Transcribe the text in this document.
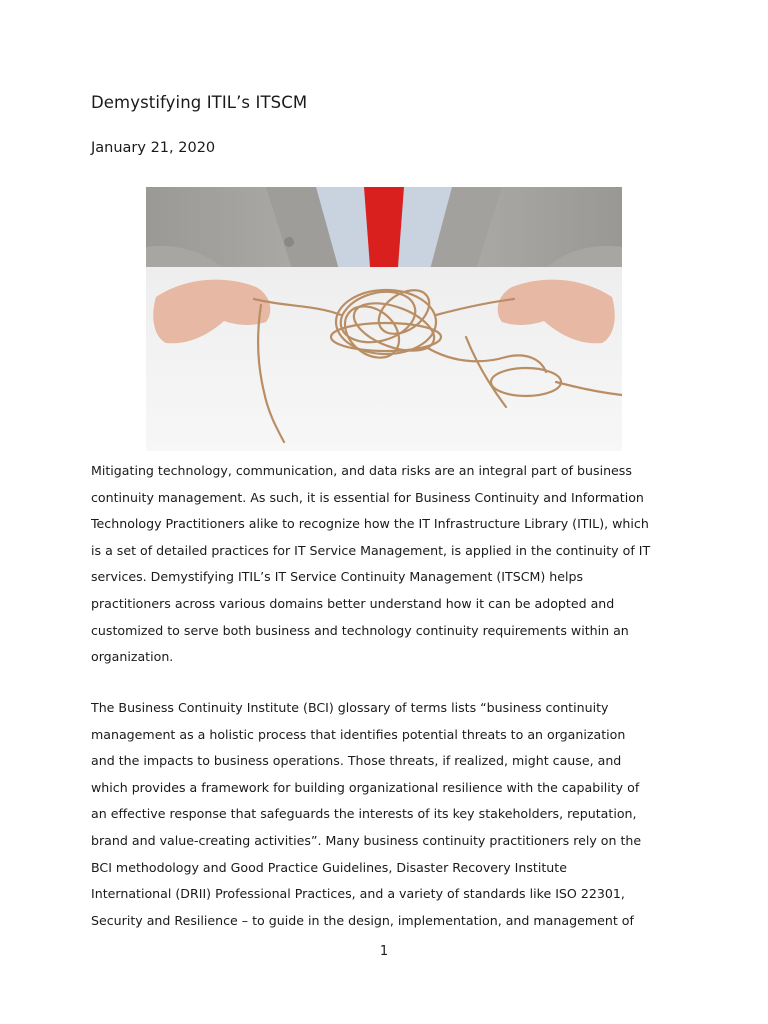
Demystifying ITIL’s ITSCM
January 21, 2020
Mitigating technology, communication, and data risks are an integral part of business
continuity management. As such, it is essential for Business Continuity and Information
Technology Practitioners alike to recognize how the IT Infrastructure Library (ITIL), which
is a set of detailed practices for IT Service Management, is applied in the continuity of IT
services. Demystifying ITIL’s IT Service Continuity Management (ITSCM) helps
practitioners across various domains better understand how it can be adopted and
customized to serve both business and technology continuity requirements within an
organization.
The Business Continuity Institute (BCI) glossary of terms lists “business continuity
management as a holistic process that identifies potential threats to an organization
and the impacts to business operations. Those threats, if realized, might cause, and
which provides a framework for building organizational resilience with the capability of
an effective response that safeguards the interests of its key stakeholders, reputation,
brand and value-creating activities”. Many business continuity practitioners rely on the
BCI methodology and Good Practice Guidelines, Disaster Recovery Institute
International (DRII) Professional Practices, and a variety of standards like ISO 22301,
Security and Resilience – to guide in the design, implementation, and management of
1
